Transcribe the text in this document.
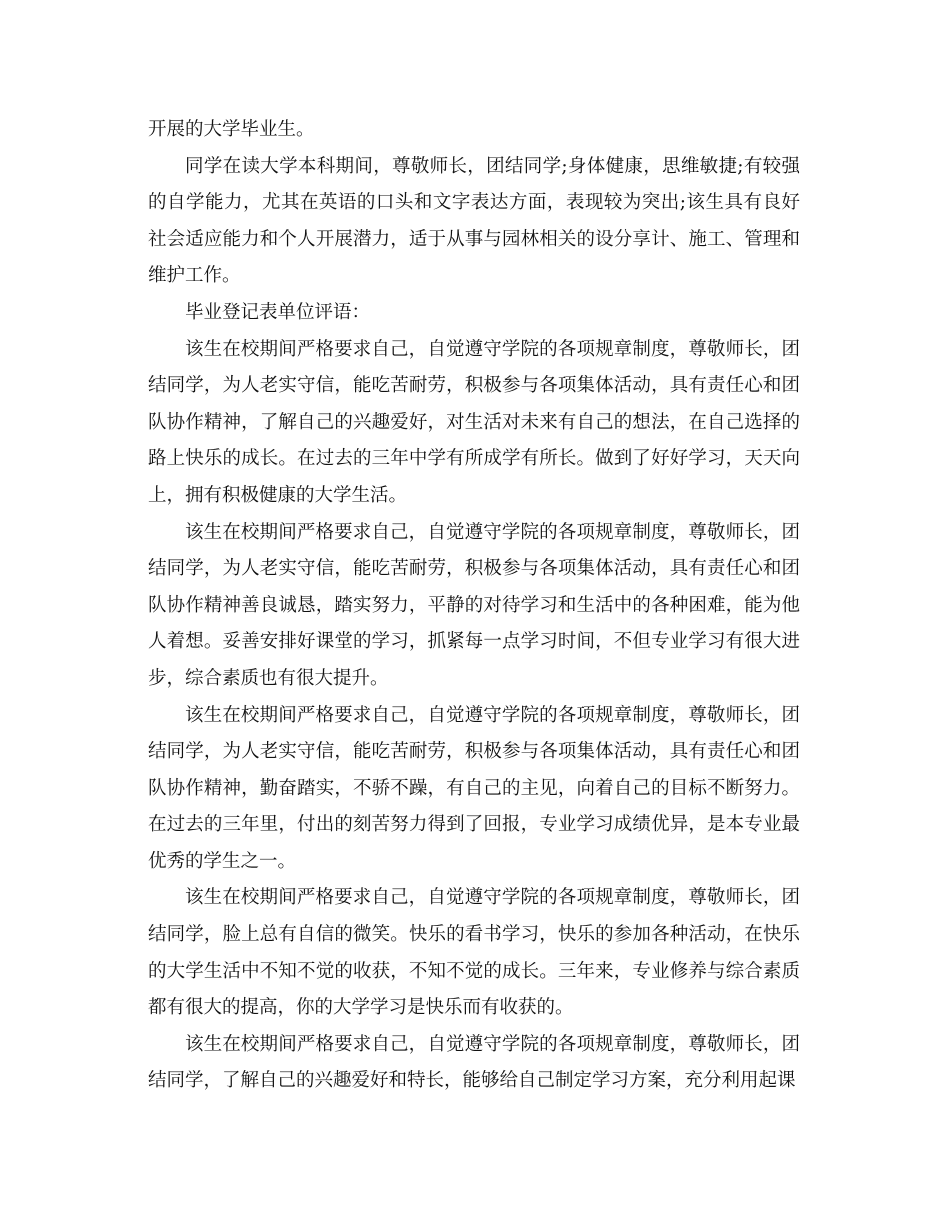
开展的大学毕业生。

同学在读大学本科期间，尊敬师长，团结同学;身体健康，思维敏捷;有较强的自学能力，尤其在英语的口头和文字表达方面，表现较为突出;该生具有良好社会适应能力和个人开展潜力，适于从事与园林相关的设分享计、施工、管理和维护工作。

毕业登记表单位评语：

该生在校期间严格要求自己，自觉遵守学院的各项规章制度，尊敬师长，团结同学，为人老实守信，能吃苦耐劳，积极参与各项集体活动，具有责任心和团队协作精神，了解自己的兴趣爱好，对生活对未来有自己的想法，在自己选择的路上快乐的成长。在过去的三年中学有所成学有所长。做到了好好学习，天天向上，拥有积极健康的大学生活。

该生在校期间严格要求自己，自觉遵守学院的各项规章制度，尊敬师长，团结同学，为人老实守信，能吃苦耐劳，积极参与各项集体活动，具有责任心和团队协作精神善良诚恳，踏实努力，平静的对待学习和生活中的各种困难，能为他人着想。妥善安排好课堂的学习，抓紧每一点学习时间，不但专业学习有很大进步，综合素质也有很大提升。

该生在校期间严格要求自己，自觉遵守学院的各项规章制度，尊敬师长，团结同学，为人老实守信，能吃苦耐劳，积极参与各项集体活动，具有责任心和团队协作精神，勤奋踏实，不骄不躁，有自己的主见，向着自己的目标不断努力。在过去的三年里，付出的刻苦努力得到了回报，专业学习成绩优异，是本专业最优秀的学生之一。

该生在校期间严格要求自己，自觉遵守学院的各项规章制度，尊敬师长，团结同学，脸上总有自信的微笑。快乐的看书学习，快乐的参加各种活动，在快乐的大学生活中不知不觉的收获，不知不觉的成长。三年来，专业修养与综合素质都有很大的提高，你的大学学习是快乐而有收获的。

该生在校期间严格要求自己，自觉遵守学院的各项规章制度，尊敬师长，团结同学，了解自己的兴趣爱好和特长，能够给自己制定学习方案，充分利用起课
